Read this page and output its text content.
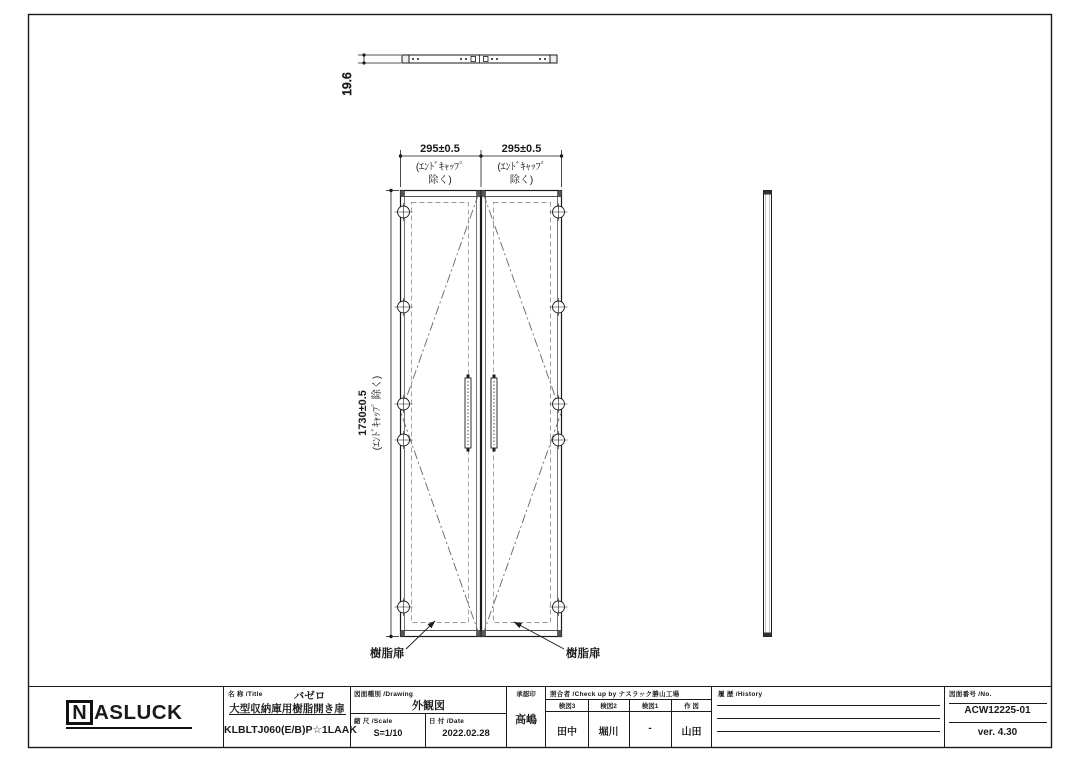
19.6
295±0.5	295±0.5
(ｴﾝﾄﾞｷｬｯﾌﾟ
除く)
(ｴﾝﾄﾞｷｬｯﾌﾟ
除く)
1730±0.5 (ｴﾝﾄﾞｷｬｯﾌﾟ 除く)
樹脂扉	樹脂扉
N ASLUCK
名 称 /Title	バゼロ
大型収納庫用樹脂開き扉
KLBLTJ060(E/B)P☆1LAAK
図面種別 /Drawing
外観図
縮 尺 /Scale
S=1/10
日 付 /Date
2022.02.28
承認印
高嶋
照合者 /Check up by ナスラック勝山工場
検図3	検図2	検図1	作 図
田中	堀川	-	山田
履 歴 /History	図面番号 /No.
ACW12225-01
ver. 4.30
